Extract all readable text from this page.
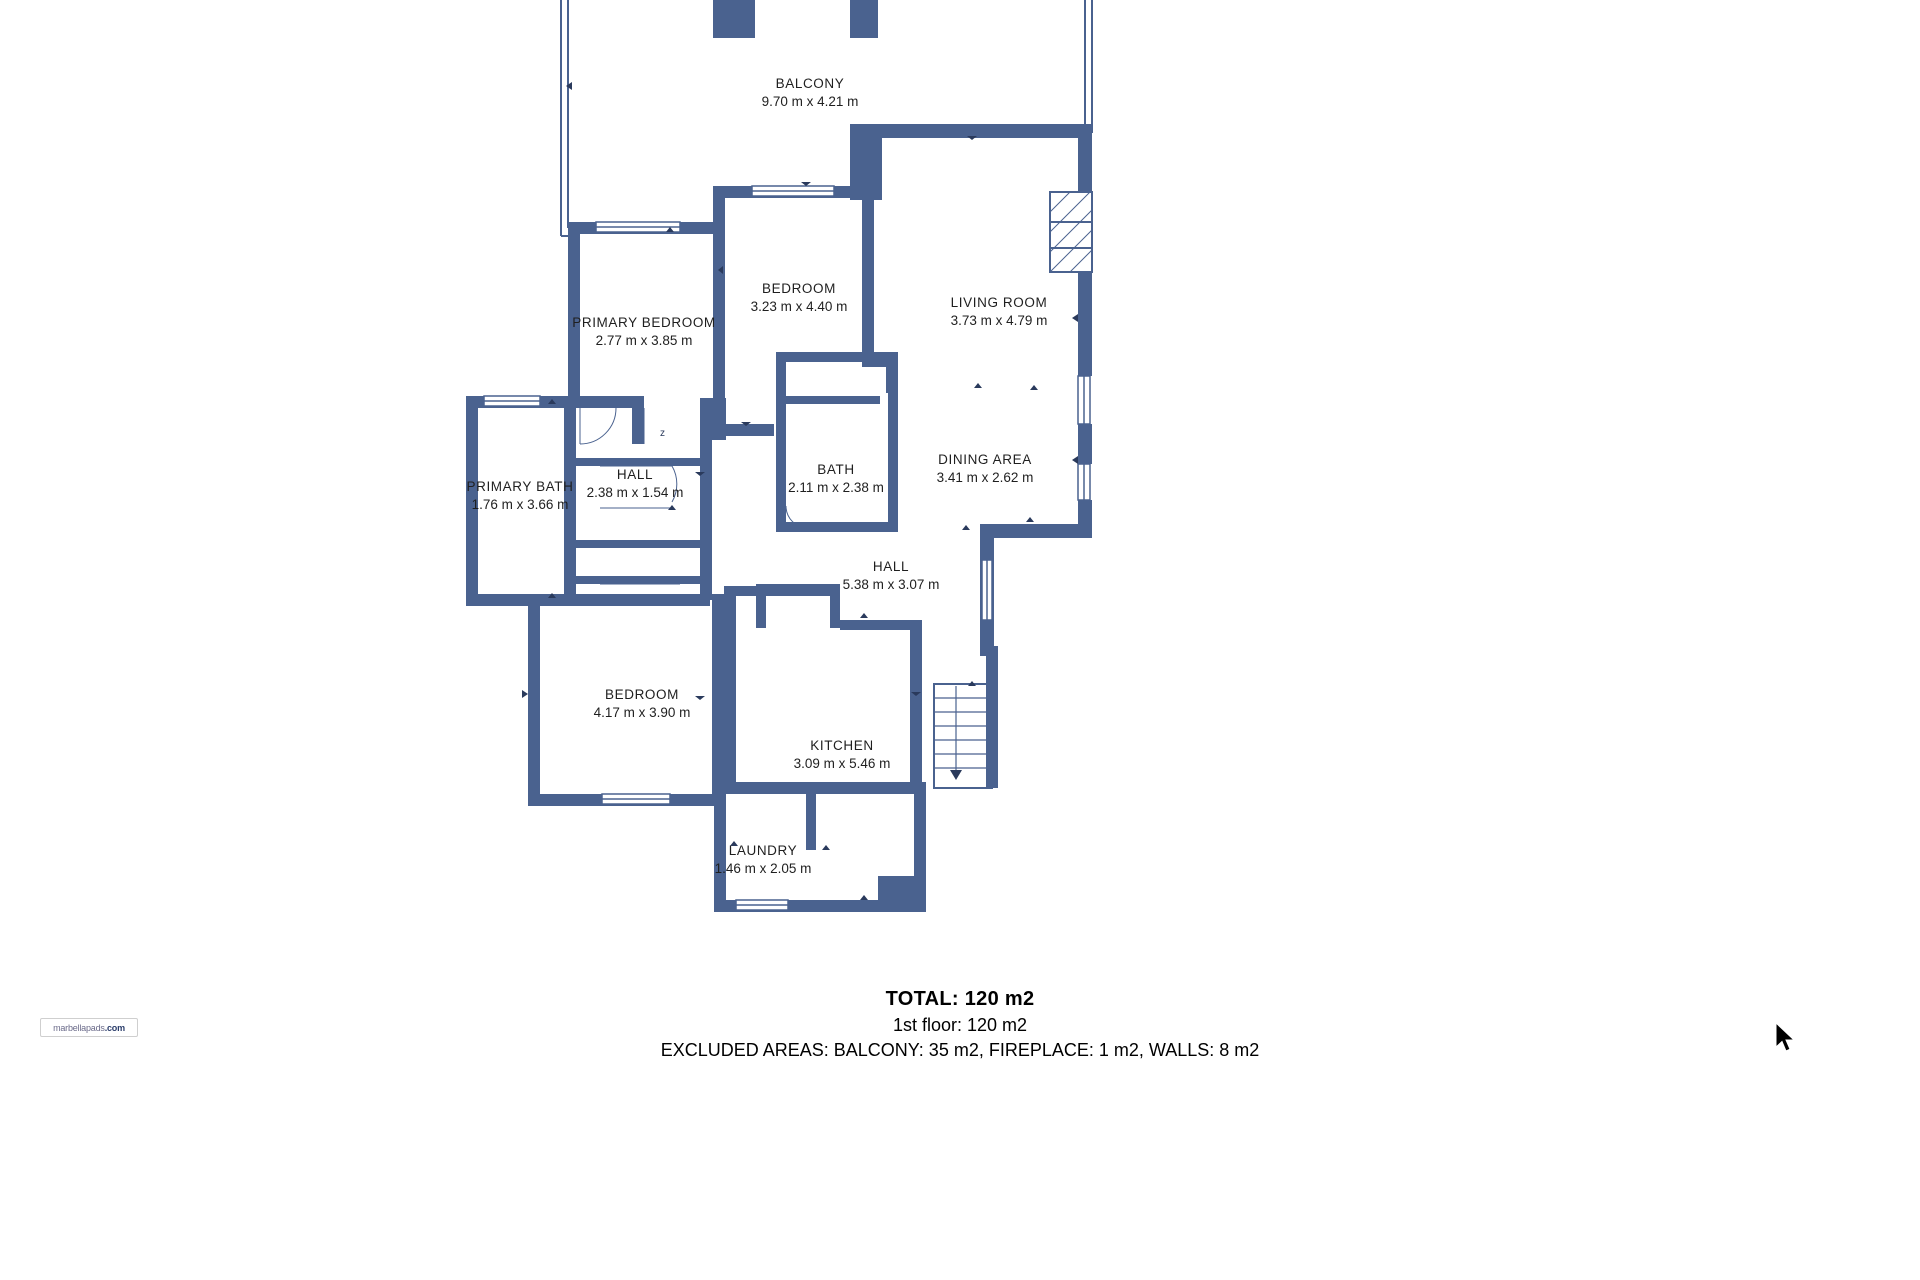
z
BALCONY
9.70 m x 4.21 m
BEDROOM
3.23 m x 4.40 m	LIVING ROOM
3.73 m x 4.79 m
PRIMARY BEDROOM
2.77 m x 3.85 m
DINING AREA
3.41 m x 2.62 m
HALL
2.38 m x 1.54 m
BATH
2.11 m x 2.38 m
PRIMARY BATH
1.76 m x 3.66 m
HALL
5.38 m x 3.07 m
BEDROOM
4.17 m x 3.90 m
KITCHEN
3.09 m x 5.46 m
LAUNDRY
1.46 m x 2.05 m
TOTAL: 120 m2
1st floor: 120 m2
EXCLUDED AREAS: BALCONY: 35 m2, FIREPLACE: 1 m2, WALLS: 8 m2
marbellapads.com
